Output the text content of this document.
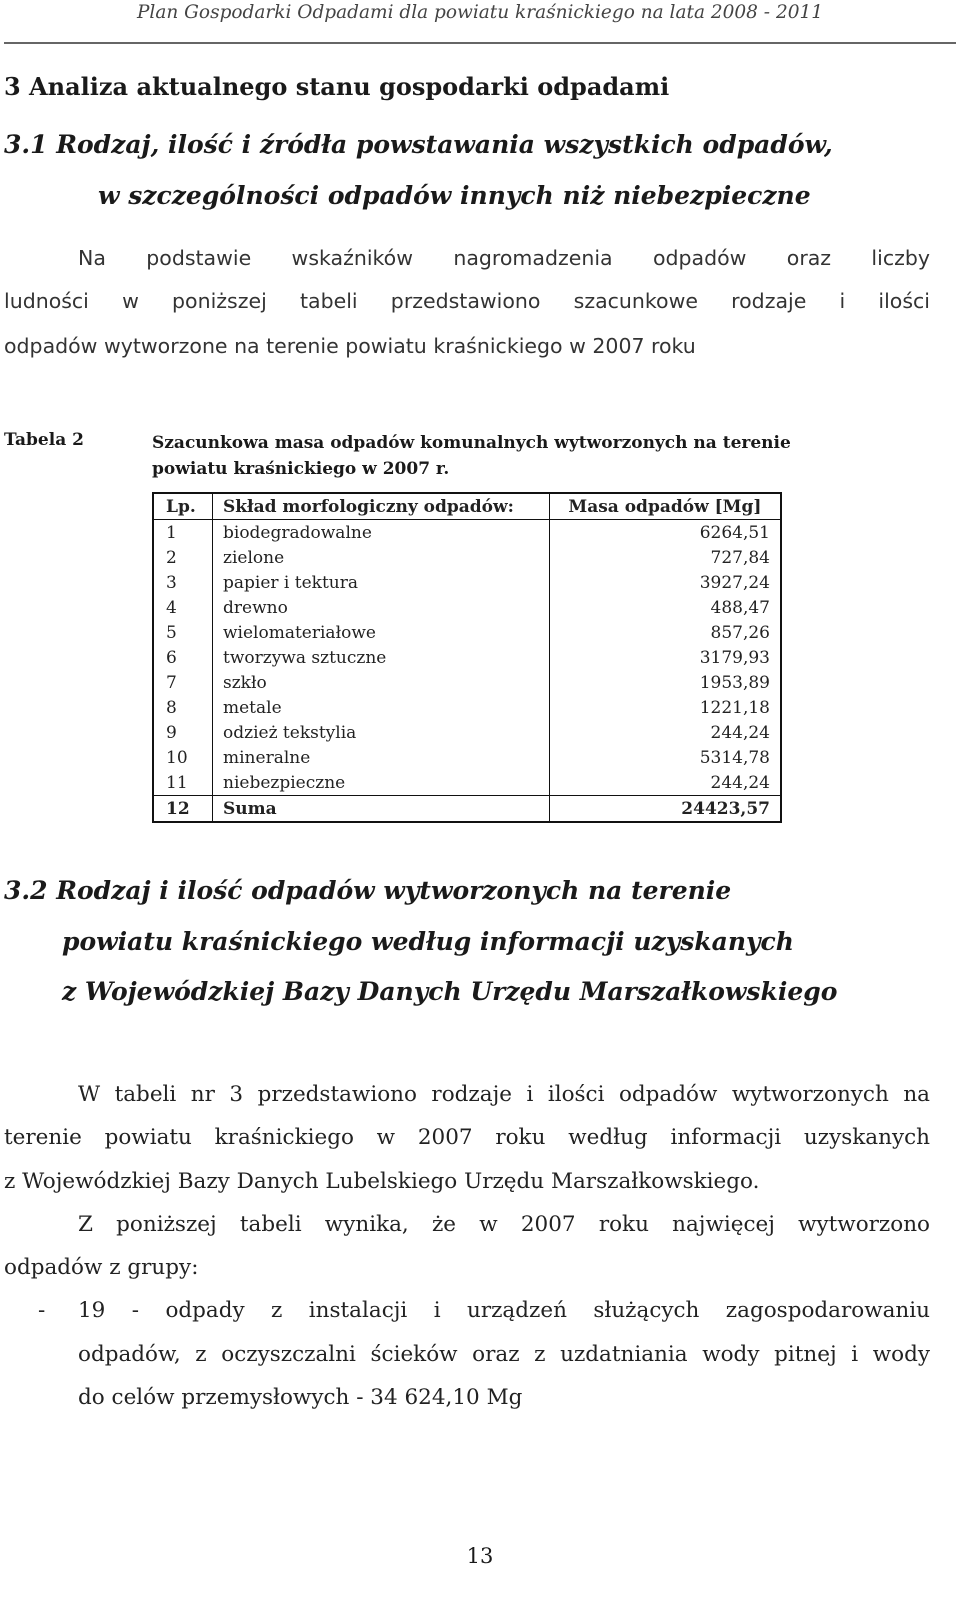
Plan Gospodarki Odpadami dla powiatu kraśnickiego na lata 2008 - 2011
3 Analiza aktualnego stanu gospodarki odpadami
3.1 Rodzaj, ilość i źródła powstawania wszystkich odpadów,
w szczególności odpadów innych niż niebezpieczne
Na podstawie wskaźników nagromadzenia odpadów oraz liczby
ludności w poniższej tabeli przedstawiono szacunkowe rodzaje i ilości
odpadów wytworzone na terenie powiatu kraśnickiego w 2007 roku
Tabela 2	Szacunkowa masa odpadów komunalnych wytworzonych na terenie
powiatu kraśnickiego w 2007 r.
Lp.	Skład morfologiczny odpadów:	Masa odpadów [Mg]
1	biodegradowalne	6264,51
2	zielone	727,84
3	papier i tektura	3927,24
4	drewno	488,47
5	wielomateriałowe	857,26
6	tworzywa sztuczne	3179,93
7	szkło	1953,89
8	metale	1221,18
9	odzież tekstylia	244,24
10	mineralne	5314,78
11	niebezpieczne	244,24
12	Suma	24423,57
3.2 Rodzaj i ilość odpadów wytworzonych na terenie
powiatu kraśnickiego według informacji uzyskanych
z Wojewódzkiej Bazy Danych Urzędu Marszałkowskiego
W tabeli nr 3 przedstawiono rodzaje i ilości odpadów wytworzonych na
terenie powiatu kraśnickiego w 2007 roku według informacji uzyskanych
z Wojewódzkiej Bazy Danych Lubelskiego Urzędu Marszałkowskiego.
Z poniższej tabeli wynika, że w 2007 roku najwięcej wytworzono
odpadów z grupy:
- 19 - odpady z instalacji i urządzeń służących zagospodarowaniu
odpadów, z oczyszczalni ścieków oraz z uzdatniania wody pitnej i wody
do celów przemysłowych - 34 624,10 Mg
13
